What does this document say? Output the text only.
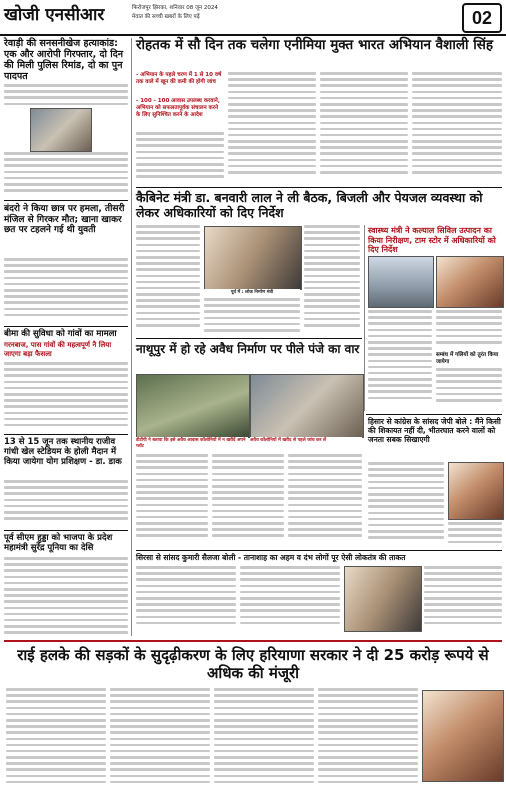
खोजी एनसीआर	फिरोजपुर झिरका, शनिवार 08 जून 2024
मेवात की सच्ची खबरों के लिए पढ़ें	02
रेवाड़ी की सनसनीखेज हत्याकांड: एक और आरोपी गिरफ्तार, दो दिन की मिली पुलिस रिमांड, दो का पुन पादपत
बंदरो ने किया छात्र पर हमला, तीसरी मंजिल से गिरकर मौत; खाना खाकर छत पर टहलने गई थी युवती
बीमा की सुविधा को गांवों का मामला
गरनबाज, पास गांवों की महत्वपूर्ण नै लिया जाएगा बड़ा फैसला
13 से 15 जून तक स्थानीय राजीव गांधी खेल स्टेडियम के होली मैदान में किया जायेगा योग प्रशिक्षण - डा. डाक
पूर्व सीएम हुड्डा को भाजपा के प्रदेश महामंत्री सुरेंद्र पूनिया का देसि
रोहतक में सौ दिन तक चलेगा एनीमिया मुक्त भारत अभियान वैशाली सिंह
- अभियान के पहले चरण में 1 से 10 वर्ष तक वाले में खून की कमी की होगी जांच
- 100 - 100 आवास उपलब्ध करवाने, अभियान को सफलतापूर्वक संचालन करने के लिए सुनिश्चित करने के आदेश
कैबिनेट मंत्री डा. बनवारी लाल ने ली बैठक, बिजली और पेयजल व्यवस्था को लेकर अधिकारियों को दिए निर्देश
पूर्व में : लोक निर्माण मंत्री
स्वास्थ्य मंत्री ने कल्याल सिविल उत्पादन का किया निरीक्षण, टाम स्टोर में अधिकारियों को दिए निर्देश
सम्बंध में गलियों को तुरंत किया जायेगा
नाथूपुर में हो रहे अवैध निर्माण पर पीले पंजे का वार
डीटीपी ने बताया कि इसे अवैध आवास कॉलोनियों में न खरीदें अपने प्लॉट
अवैध कॉलोनियों में खरीद से पहले जांच कर लें
हिसार से कांग्रेस के सांसद जेपी बोले : मैंने किसी की शिकायत नहीं दी, भीतरघात करने वालों को जनता सबक सिखाएगी
सिरसा से सांसद कुमारी सैलजा बोली - तानाशाह का अहम व दंभ लोगों पूर ऐसी लोकतंत्र की ताकत
राई हलके की सड़कों के सुदृढ़ीकरण के लिए हरियाणा सरकार ने दी 25 करोड़ रूपये से अधिक की मंजूरी
